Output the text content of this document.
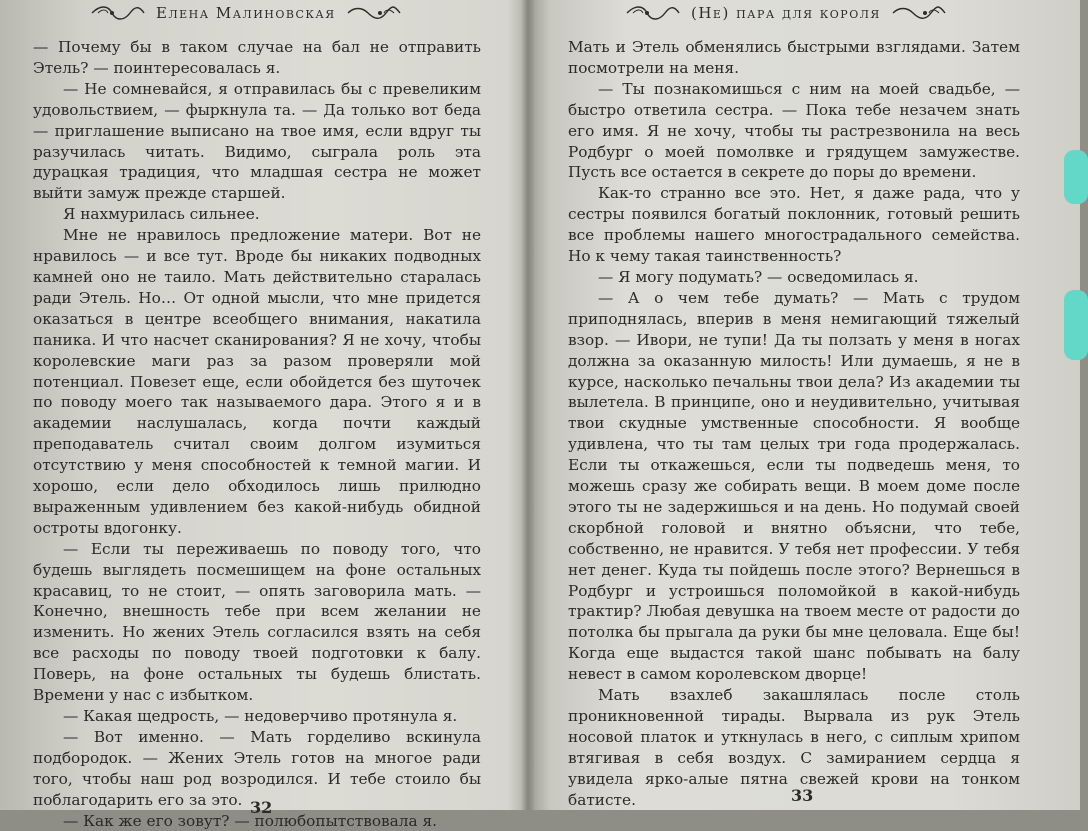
Елена Малиновская	(Не) пара для короля

— Почему бы в таком случае на бал не отправить Этель? — поинтересовалась я.

— Не сомневайся, я отправилась бы с превеликим удовольствием, — фыркнула та. — Да только вот беда — приглашение выписано на твое имя, если вдруг ты разучилась читать. Видимо, сыграла роль эта дурацкая традиция, что младшая сестра не может выйти замуж прежде старшей.

Я нахмурилась сильнее.

Мне не нравилось предложение матери. Вот не нравилось — и все тут. Вроде бы никаких подводных камней оно не таило. Мать действительно старалась ради Этель. Но… От одной мысли, что мне придется оказаться в центре всеобщего внимания, накатила паника. И что насчет сканирования? Я не хочу, чтобы королевские маги раз за разом проверяли мой потенциал. Повезет еще, если обойдется без шуточек по поводу моего так называемого дара. Этого я и в академии наслушалась, когда почти каждый преподаватель считал своим долгом изумиться отсутствию у меня способностей к темной магии. И хорошо, если дело обходилось лишь прилюдно выраженным удивлением без какой-нибудь обидной остроты вдогонку.

— Если ты переживаешь по поводу того, что будешь выглядеть посмешищем на фоне остальных красавиц, то не стоит, — опять заговорила мать. — Конечно, внешность тебе при всем желании не изменить. Но жених Этель согласился взять на себя все расходы по поводу твоей подготовки к балу. Поверь, на фоне остальных ты будешь блистать. Времени у нас с избытком.

— Какая щедрость, — недоверчиво протянула я.

— Вот именно. — Мать горделиво вскинула подбородок. — Жених Этель готов на многое ради того, чтобы наш род возродился. И тебе стоило бы поблагодарить его за это.

— Как же его зовут? — полюбопытствовала я.

Мать и Этель обменялись быстрыми взглядами. Затем посмотрели на меня.

— Ты познакомишься с ним на моей свадьбе, — быстро ответила сестра. — Пока тебе незачем знать его имя. Я не хочу, чтобы ты растрезвонила на весь Родбург о моей помолвке и грядущем замужестве. Пусть все остается в секрете до поры до времени.

Как-то странно все это. Нет, я даже рада, что у сестры появился богатый поклонник, готовый решить все проблемы нашего многострадального семейства. Но к чему такая таинственность?

— Я могу подумать? — осведомилась я.

— А о чем тебе думать? — Мать с трудом приподнялась, вперив в меня немигающий тяжелый взор. — Ивори, не тупи! Да ты ползать у меня в ногах должна за оказанную милость! Или думаешь, я не в курсе, насколько печальны твои дела? Из академии ты вылетела. В принципе, оно и неудивительно, учитывая твои скудные умственные способности. Я вообще удивлена, что ты там целых три года продержалась. Если ты откажешься, если ты подведешь меня, то можешь сразу же собирать вещи. В моем доме после этого ты не задержишься и на день. Но подумай своей скорбной головой и внятно объясни, что тебе, собственно, не нравится. У тебя нет профессии. У тебя нет денег. Куда ты пойдешь после этого? Вернешься в Родбург и устроишься поломойкой в какой-нибудь трактир? Любая девушка на твоем месте от радости до потолка бы прыгала да руки бы мне целовала. Еще бы! Когда еще выдастся такой шанс побывать на балу невест в самом королевском дворце!

Мать взахлеб закашлялась после столь проникновенной тирады. Вырвала из рук Этель носовой платок и уткнулась в него, с сиплым хрипом втягивая в себя воздух. С замиранием сердца я увидела ярко-алые пятна свежей крови на тонком батисте.

32
33
